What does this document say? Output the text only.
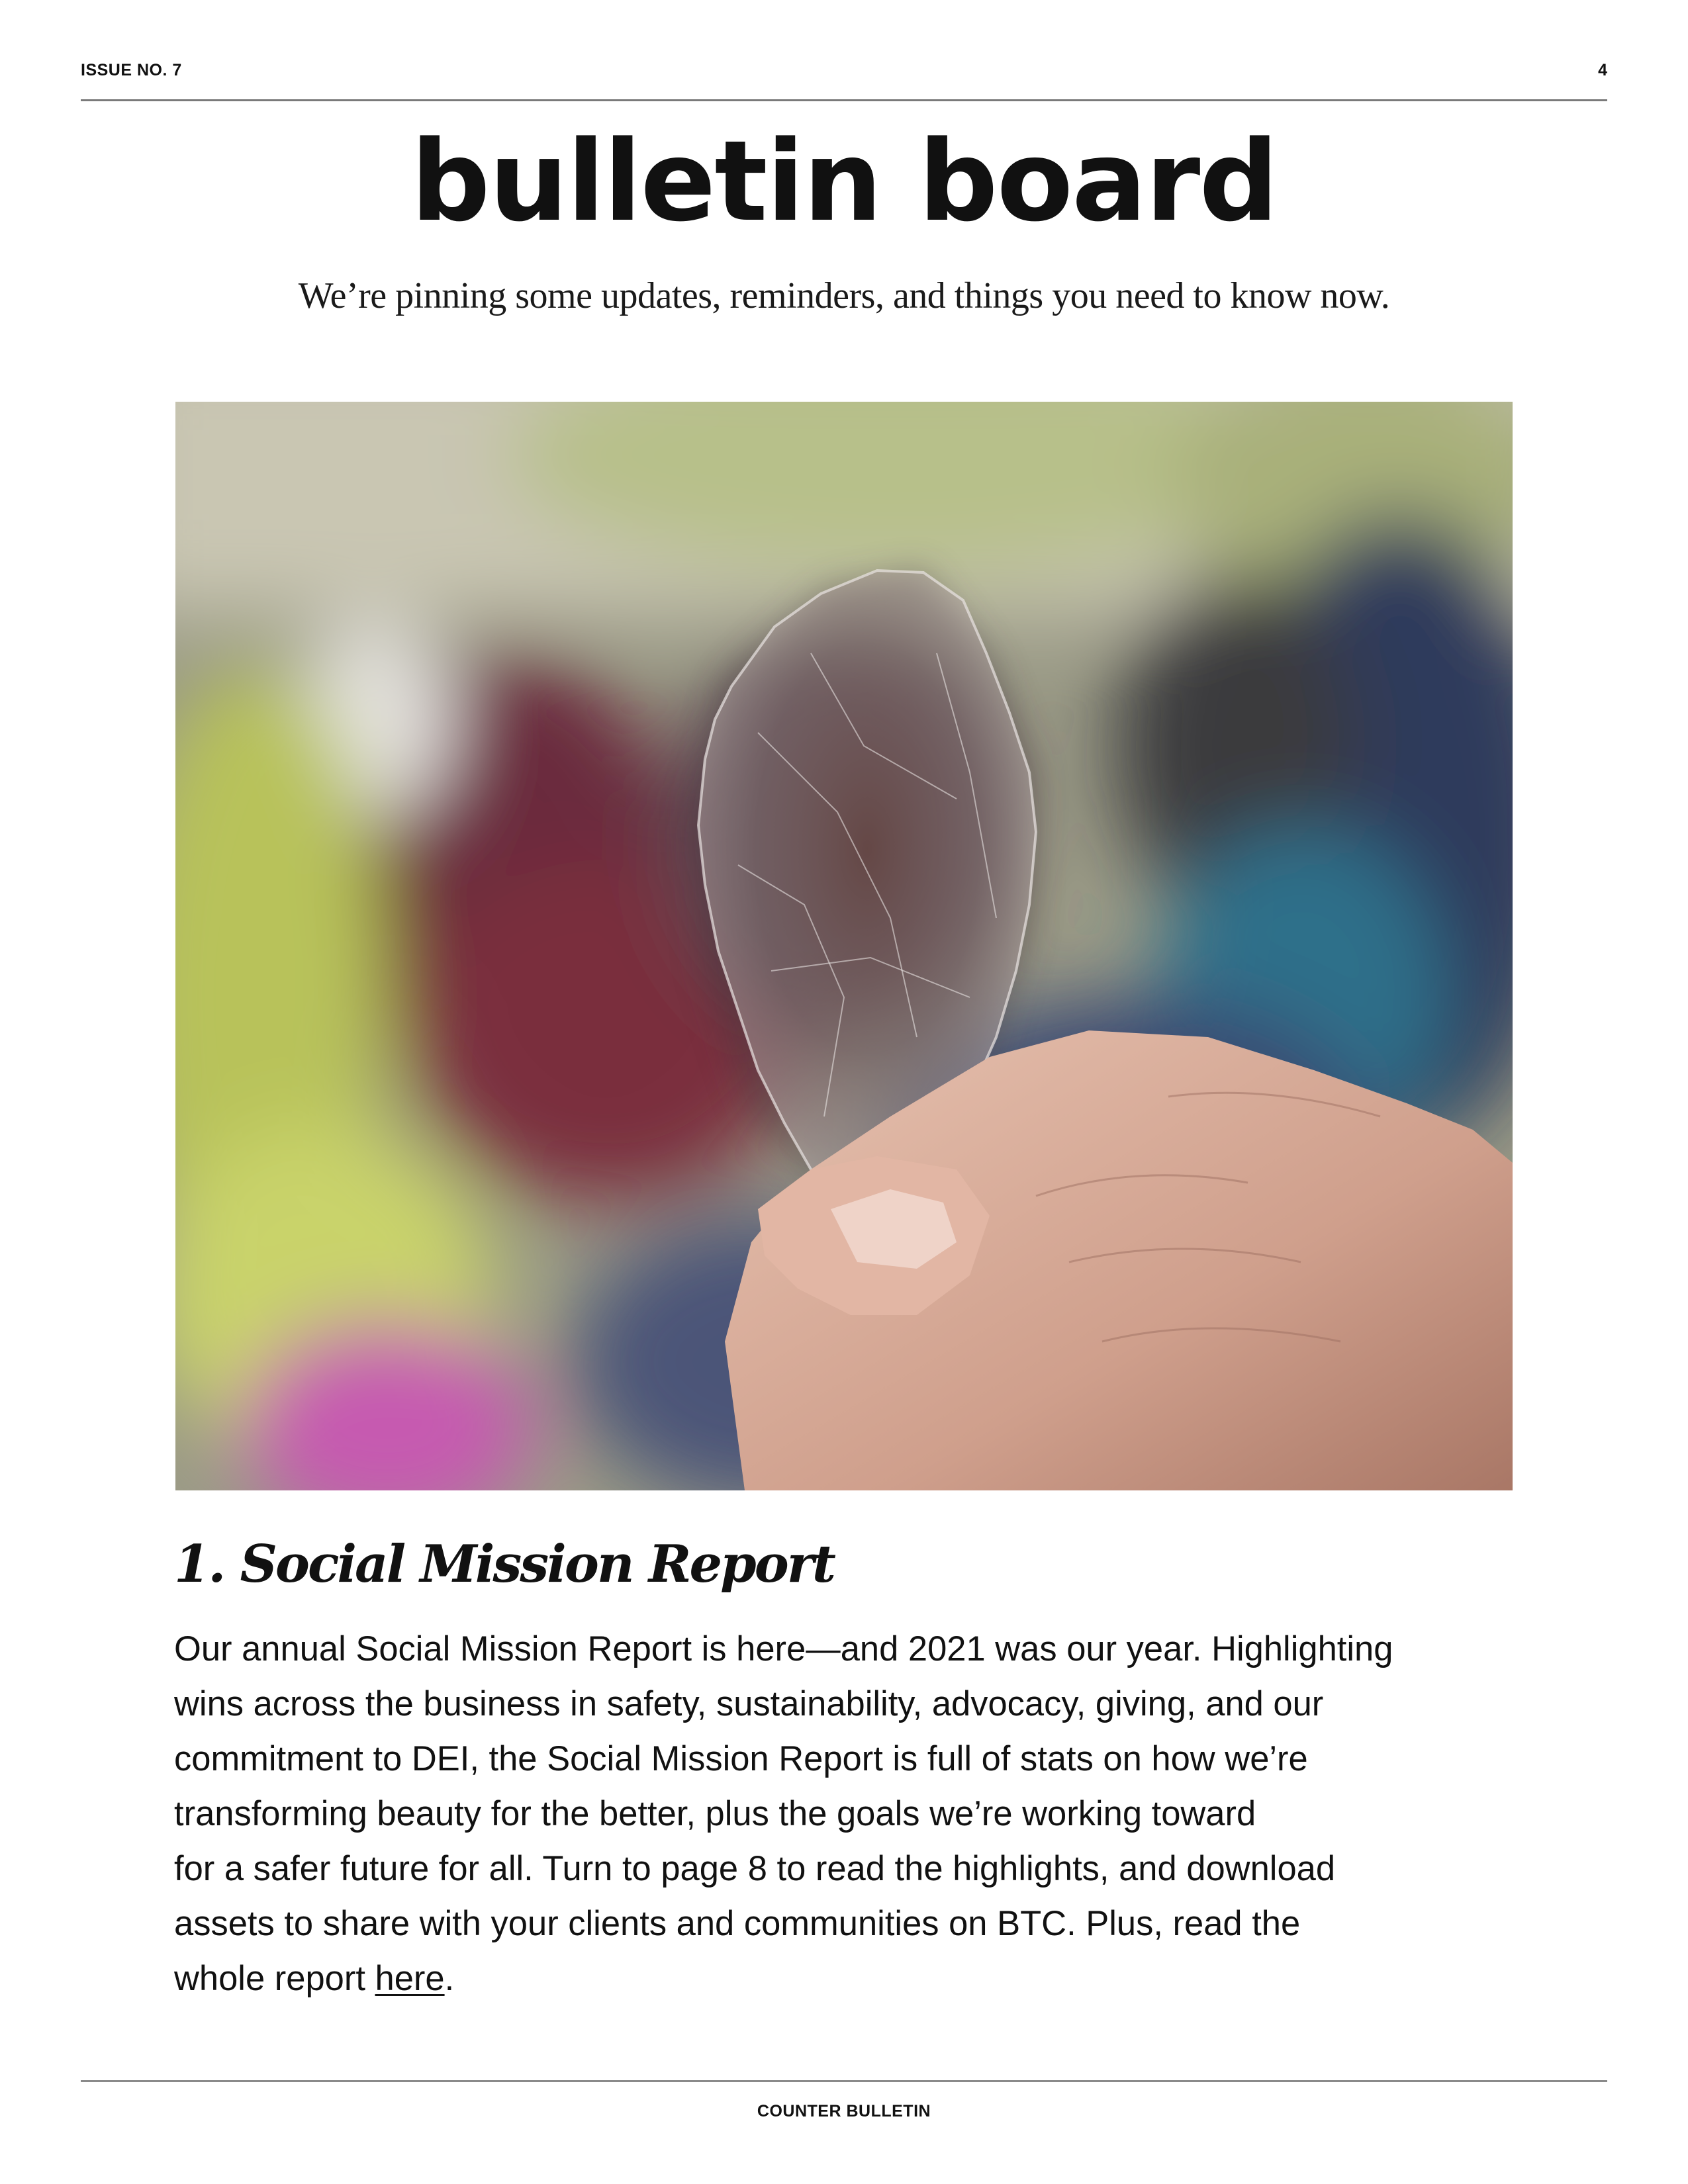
ISSUE NO. 7	4
bulletin board
We’re pinning some updates, reminders, and things you need to know now.
1. Social Mission Report
Our annual Social Mission Report is here—and 2021 was our year. Highlighting
wins across the business in safety, sustainability, advocacy, giving, and our
commitment to DEI, the Social Mission Report is full of stats on how we’re
transforming beauty for the better, plus the goals we’re working toward
for a safer future for all. Turn to page 8 to read the highlights, and download
assets to share with your clients and communities on BTC. Plus, read the
whole report here.
COUNTER BULLETIN
